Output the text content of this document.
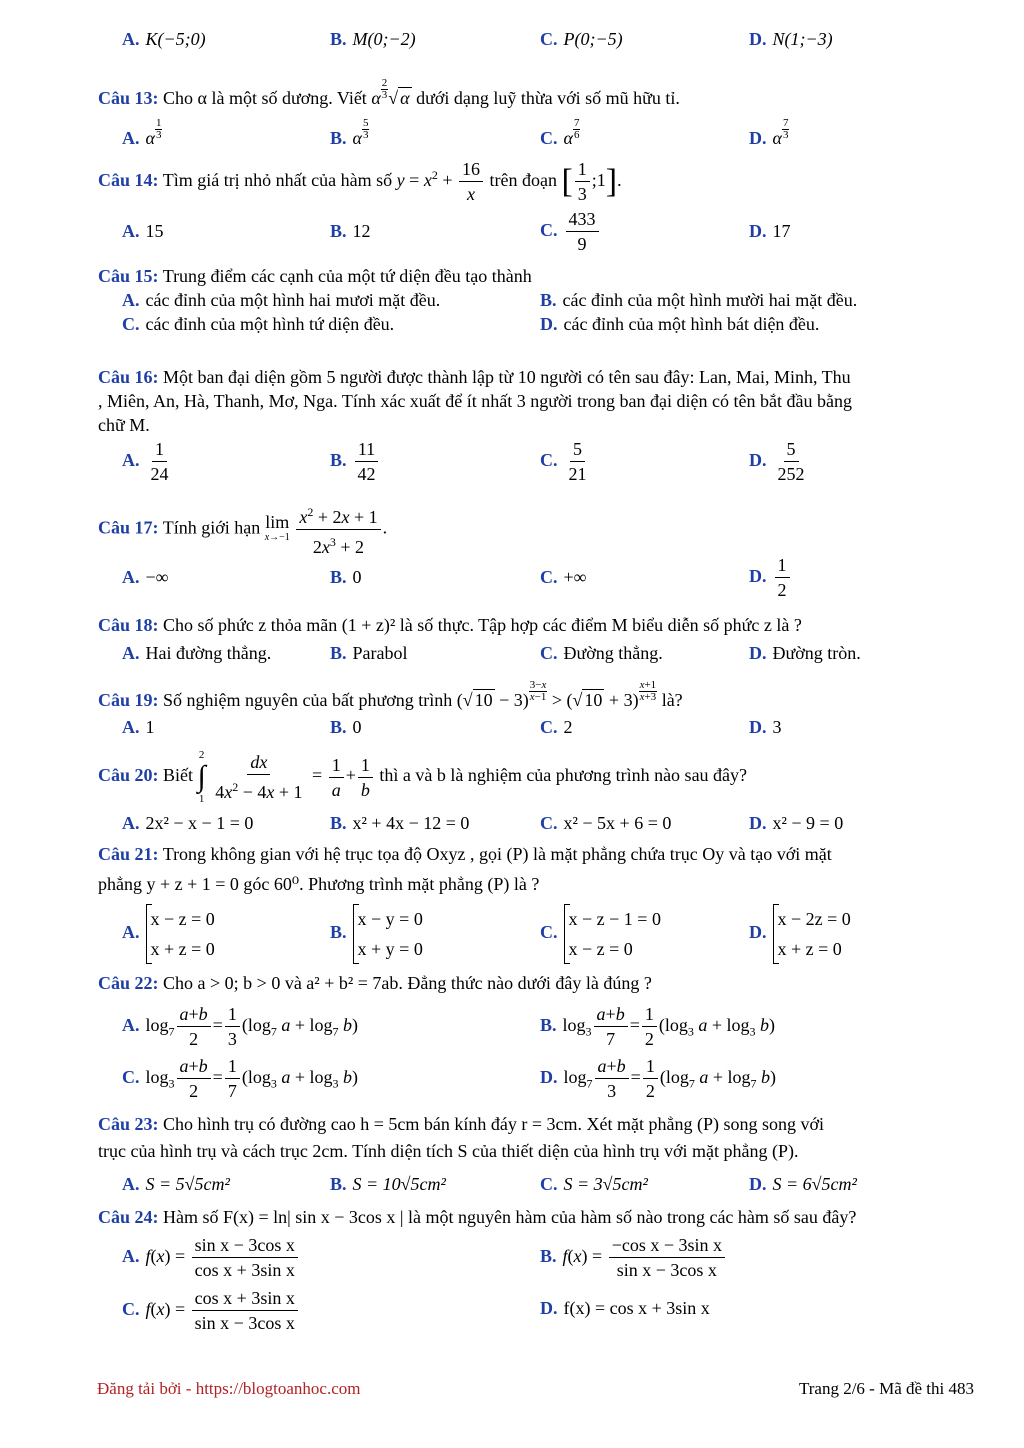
A. K(−5;0)	B. M(0;−2)	C. P(0;−5)	D. N(1;−3)
Câu 13: Cho α là một số dương. Viết α $\frac{2}{3}$ √ α dưới dạng luỹ thừa với số mũ hữu tỉ.
A. α $\frac{1}{3}$	B. α $\frac{5}{3}$	C. α $\frac{7}{6}$	D. α $\frac{7}{3}$
Câu 14: Tìm giá trị nhỏ nhất của hàm số $y = x^2 + \frac{16}{x}$ trên đoạn [ $\frac{1}{3}$ ;1].
A. 15	B. 12	C. $\frac{433}{9}$	D. 17
Câu 15: Trung điểm các cạnh của một tứ diện đều tạo thành
A. các đỉnh của một hình hai mươi mặt đều.	B. các đỉnh của một hình mười hai mặt đều.
C. các đỉnh của một hình tứ diện đều.	D. các đỉnh của một hình bát diện đều.
Câu 16: Một ban đại diện gồm 5 người được thành lập từ 10 người có tên sau đây: Lan, Mai, Minh, Thu
, Miên, An, Hà, Thanh, Mơ, Nga. Tính xác xuất để ít nhất 3 người trong ban đại diện có tên bắt đầu bằng
chữ M.
A. $\frac{1}{24}$	B. $\frac{11}{42}$	C. $\frac{5}{21}$	D. $\frac{5}{252}$
Câu 17: Tính giới hạn lim
x→−1
$\frac{x^2 + 2x + 1}{2x^3 + 2}$ .
A. −∞	B. 0	C. +∞	D. $\frac{1}{2}$
Câu 18: Cho số phức z thỏa mãn (1 + z)² là số thực. Tập hợp các điểm M biểu diễn số phức z là ?
A. Hai đường thẳng.	B. Parabol	C. Đường thẳng.	D. Đường tròn.
Câu 19: Số nghiệm nguyên của bất phương trình (√ $10 - 3) \frac{3-x}{x-1}$ > (√ $10 + 3) \frac{x+1}{x+3}$ là?
A. 1	B. 0	C. 2	D. 3
Câu 20: Biết
2
∫
1
$\frac{dx}{4x^2 - 4x + 1} = \frac{1}{a} + \frac{1}{b}$ thì a và b là nghiệm của phương trình nào sau đây?
A. 2x² − x − 1 = 0	B. x² + 4x − 12 = 0	C. x² − 5x + 6 = 0	D. x² − 9 = 0
Câu 21: Trong không gian với hệ trục tọa độ Oxyz , gọi (P) là mặt phẳng chứa trục Oy và tạo với mặt
phẳng y + z + 1 = 0 góc 60⁰. Phương trình mặt phẳng (P) là ?
A.
x − z = 0
x + z = 0
B.
x − y = 0
x + y = 0
C.
x − z − 1 = 0
x − z = 0
D.
x − 2z = 0
x + z = 0
Câu 22: Cho a > 0; b > 0 và a² + b² = 7ab. Đẳng thức nào dưới đây là đúng ?
A. $\log_7 \frac{a+b}{2} = \frac{1}{3} (\log_7$ $a + \log_7 b$)	B. $\log_3 \frac{a+b}{7} = \frac{1}{2} (\log_3$ $a + \log_3 b$)
C. $\log_3 \frac{a+b}{2} = \frac{1}{7} (\log_3$ $a + \log_3 b$)	D. $\log_7 \frac{a+b}{3} = \frac{1}{2} (\log_7$ $a + \log_7 b$)
Câu 23: Cho hình trụ có đường cao h = 5cm bán kính đáy r = 3cm. Xét mặt phẳng (P) song song với
trục của hình trụ và cách trục 2cm. Tính diện tích S của thiết diện của hình trụ với mặt phẳng (P).
A. S = 5√5cm²	B. S = 10√5cm²	C. S = 3√5cm²	D. S = 6√5cm²
Câu 24: Hàm số F(x) = ln| sin x − 3cos x | là một nguyên hàm của hàm số nào trong các hàm số sau đây?
A. $f(x) = \frac{\text{sin x − 3cos x}}{\text{cos x + 3sin x}}$	B. $f(x) = \frac{\text{−cos x − 3sin x}}{\text{sin x − 3cos x}}$
C. $f(x) = \frac{\text{cos x + 3sin x}}{\text{sin x − 3cos x}}$	D. f(x) = cos x + 3sin x
Đăng tải bởi - https://blogtoanhoc.com	Trang 2/6 - Mã đề thi 483
